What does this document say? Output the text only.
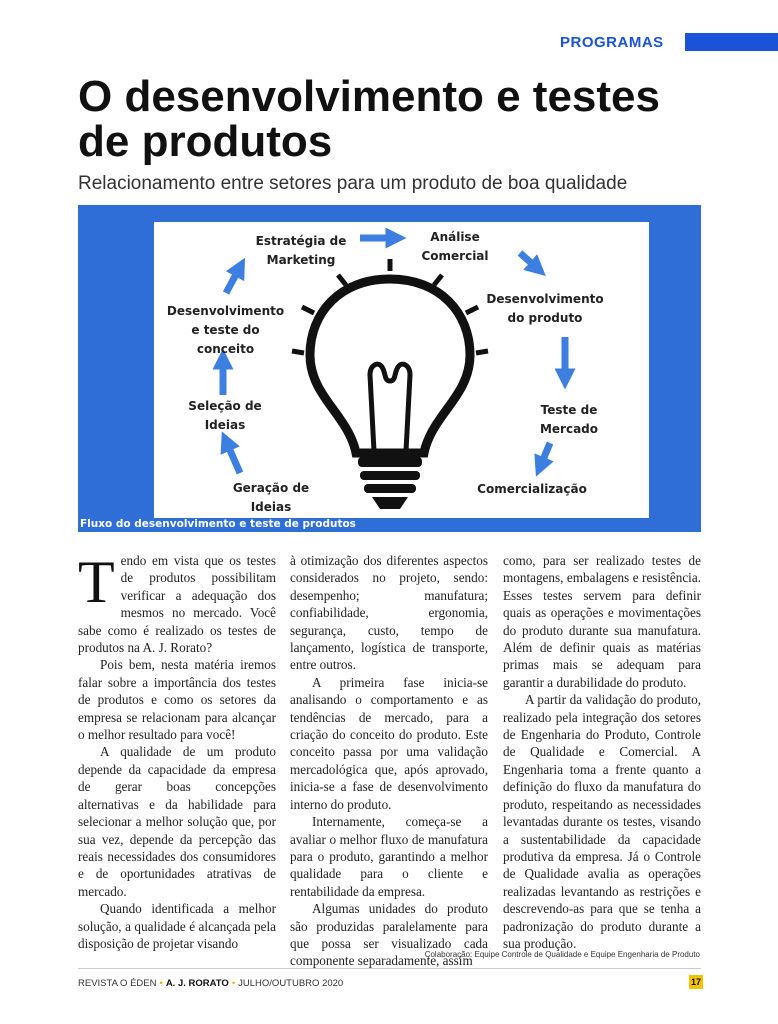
PROGRAMAS
O desenvolvimento e testes de produtos
Relacionamento entre setores para um produto de boa qualidade
Estratégia de
Marketing
Análise
Comercial
Desenvolvimento
do produto
Desenvolvimento
e teste do
conceito
Seleção de
Ideias
Teste de
Mercado
Geração de
Ideias
Comercialização
Fluxo do desenvolvimento e teste de produtos

Tendo em vista que os testes de produtos possibilitam verificar a adequação dos mesmos no mercado. Você sabe como é realizado os testes de produtos na A. J. Rorato?

Pois bem, nesta matéria iremos falar sobre a importância dos testes de produtos e como os setores da empresa se relacionam para alcançar o melhor resultado para você!

A qualidade de um produto depende da capacidade da empresa de gerar boas concepções alternativas e da habilidade para selecionar a melhor solução que, por sua vez, depende da percepção das reais necessidades dos consumidores e de oportunidades atrativas de mercado.

Quando identificada a melhor solução, a qualidade é alcançada pela disposição de projetar visando

à otimização dos diferentes aspectos considerados no projeto, sendo: desempenho; manufatura; confiabilidade, ergonomia, segurança, custo, tempo de lançamento, logística de transporte, entre outros.

A primeira fase inicia-se analisando o comportamento e as tendências de mercado, para a criação do conceito do produto. Este conceito passa por uma validação mercadológica que, após aprovado, inicia-se a fase de desenvolvimento interno do produto.

Internamente, começa-se a avaliar o melhor fluxo de manufatura para o produto, garantindo a melhor qualidade para o cliente e rentabilidade da empresa.

Algumas unidades do produto são produzidas paralelamente para que possa ser visualizado cada componente separadamente, assim

como, para ser realizado testes de montagens, embalagens e resistência. Esses testes servem para definir quais as operações e movimentações do produto durante sua manufatura. Além de definir quais as matérias primas mais se adequam para garantir a durabilidade do produto.

A partir da validação do produto, realizado pela integração dos setores de Engenharia do Produto, Controle de Qualidade e Comercial. A Engenharia toma a frente quanto a definição do fluxo da manufatura do produto, respeitando as necessidades levantadas durante os testes, visando a sustentabilidade da capacidade produtiva da empresa. Já o Controle de Qualidade avalia as operações realizadas levantando as restrições e descrevendo-as para que se tenha a padronização do produto durante a sua produção.

Colaboração: Equipe Controle de Qualidade e Equipe Engenharia de Produto
REVISTA O ÉDEN • A. J. RORATO • JULHO/OUTUBRO 2020	17
